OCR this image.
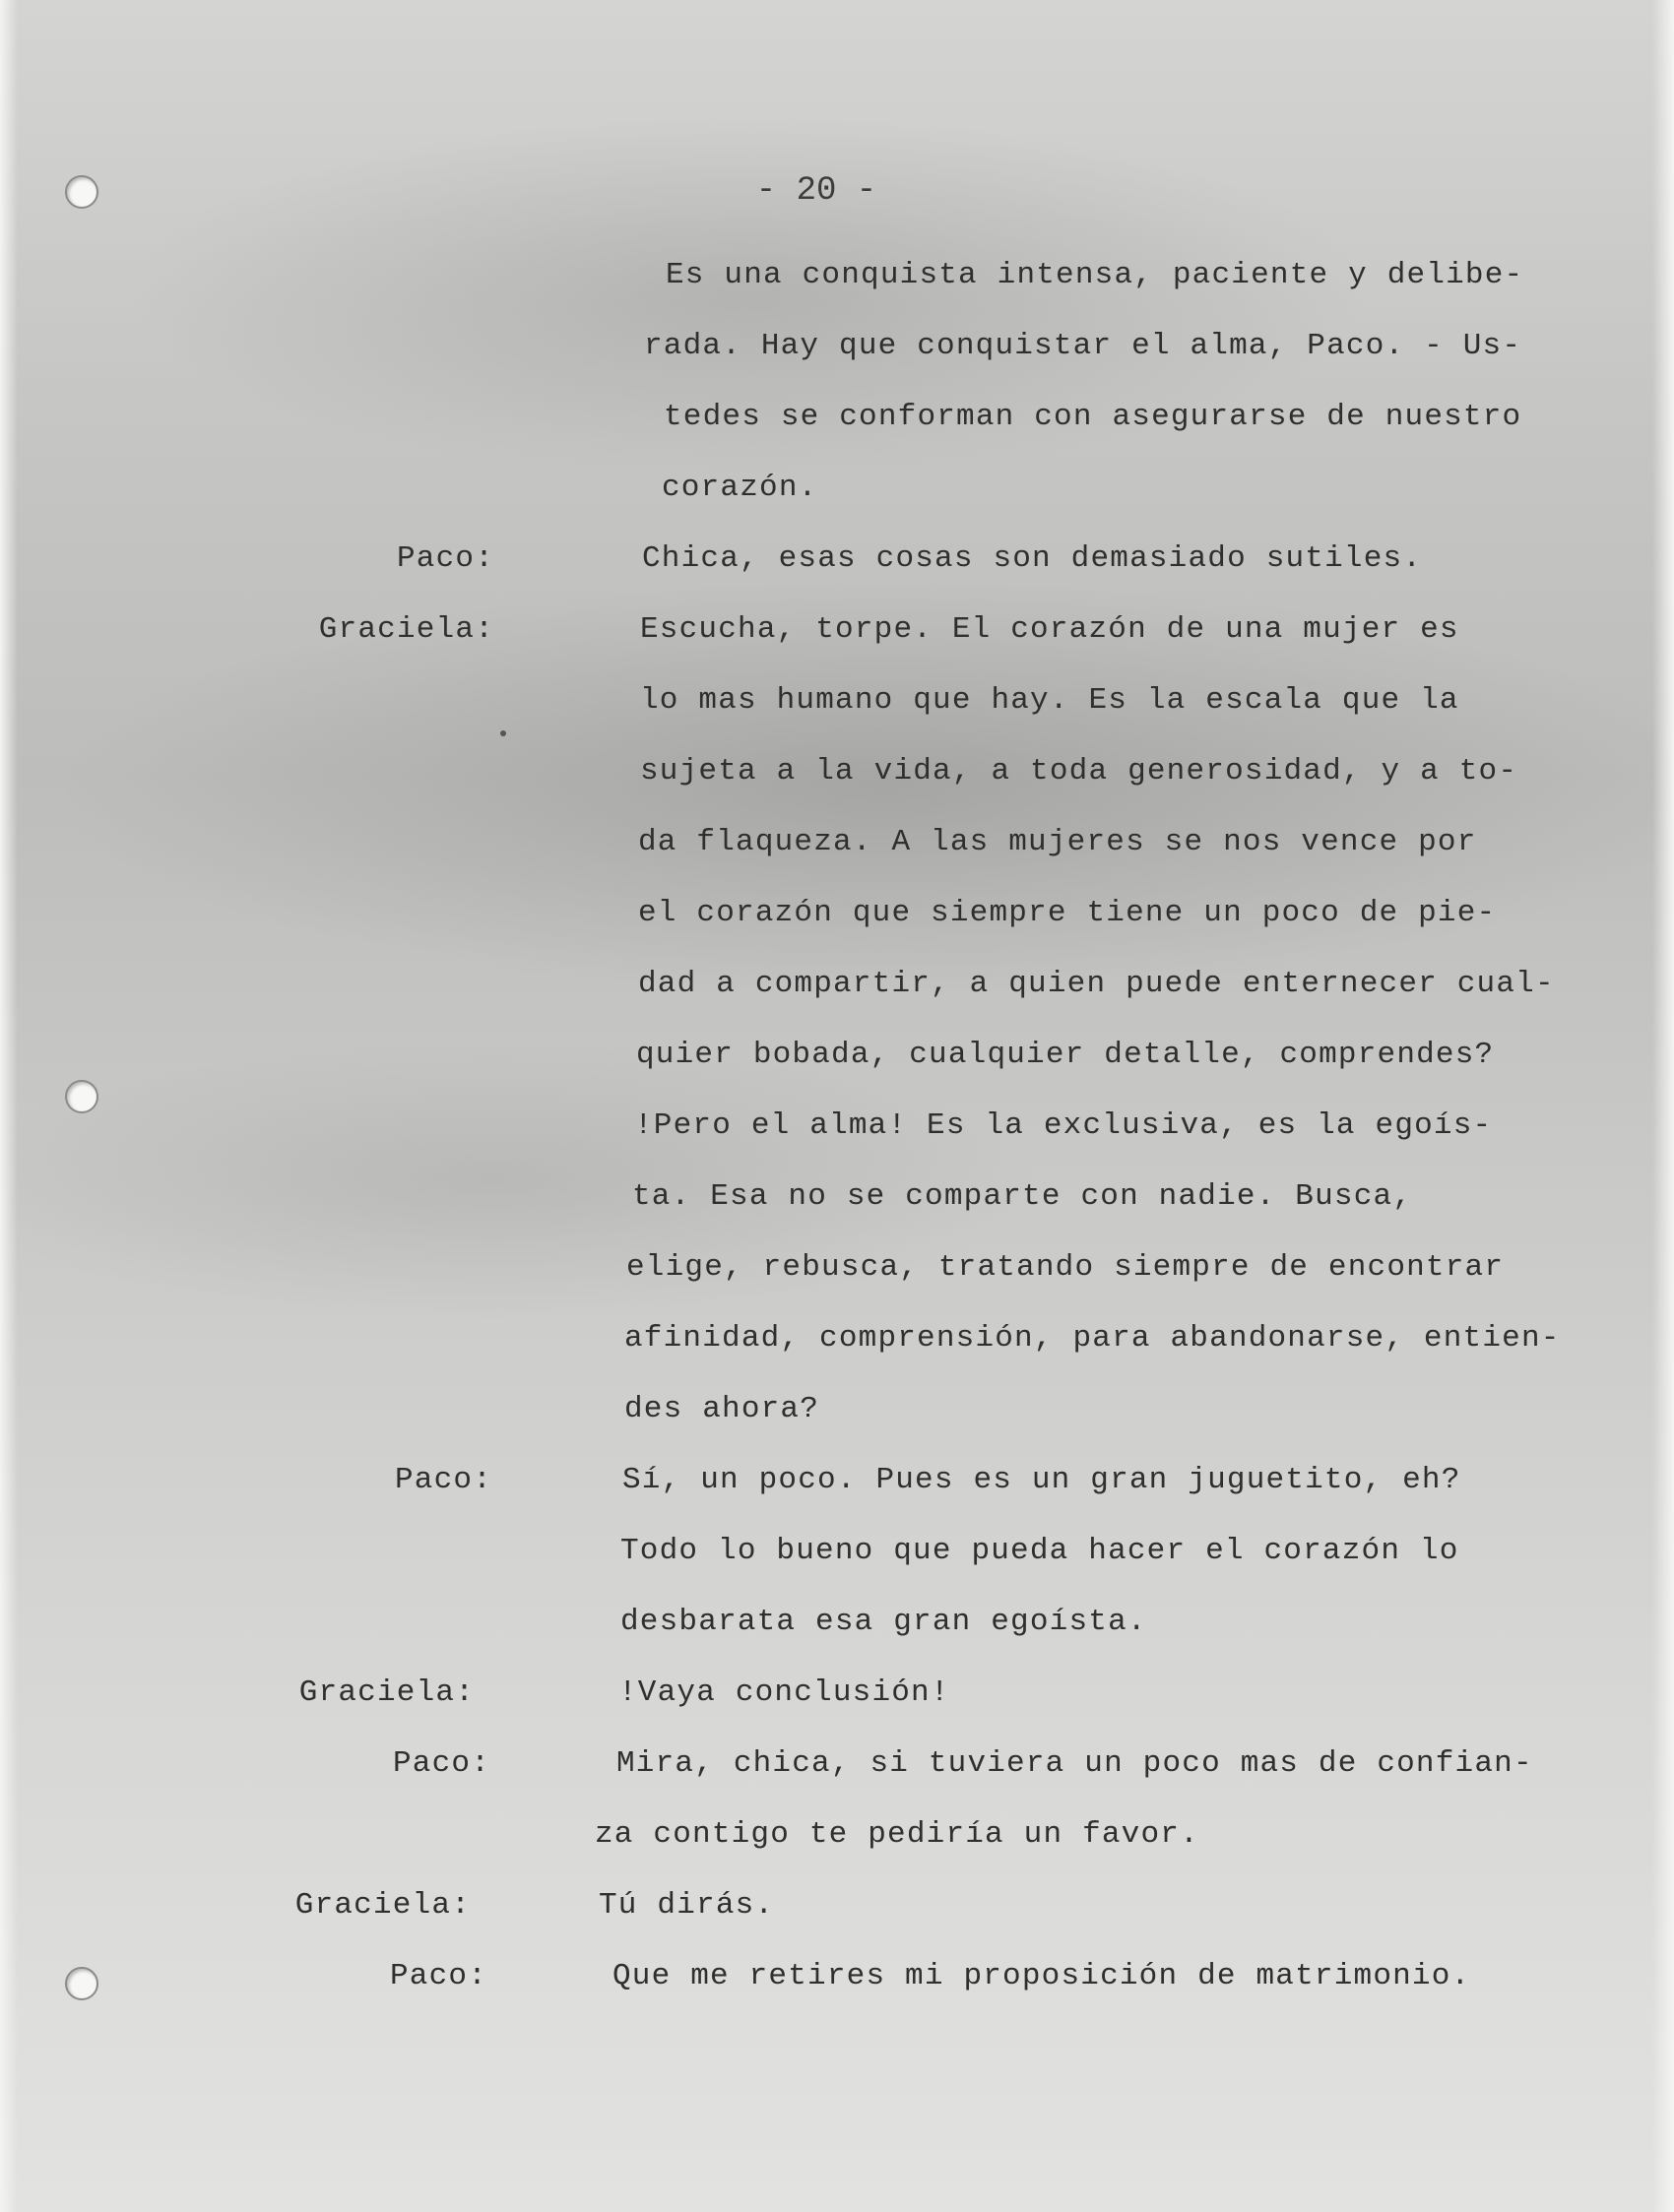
- 20 -
Es una conquista intensa, paciente y delibe-
rada. Hay que conquistar el alma, Paco. - Us-
tedes se conforman con asegurarse de nuestro
corazón.
Paco:	Chica, esas cosas son demasiado sutiles.
Graciela:	Escucha, torpe. El corazón de una mujer es
lo mas humano que hay. Es la escala que la
sujeta a la vida, a toda generosidad, y a to-
da flaqueza. A las mujeres se nos vence por
el corazón que siempre tiene un poco de pie-
dad a compartir, a quien puede enternecer cual-
quier bobada, cualquier detalle, comprendes?
!Pero el alma! Es la exclusiva, es la egoís-
ta. Esa no se comparte con nadie. Busca,
elige, rebusca, tratando siempre de encontrar
afinidad, comprensión, para abandonarse, entien-
des ahora?
Paco:	Sí, un poco. Pues es un gran juguetito, eh?
Todo lo bueno que pueda hacer el corazón lo
desbarata esa gran egoísta.
Graciela:	!Vaya conclusión!
Paco:	Mira, chica, si tuviera un poco mas de confian-
za contigo te pediría un favor.
Graciela:	Tú dirás.
Paco:	Que me retires mi proposición de matrimonio.
